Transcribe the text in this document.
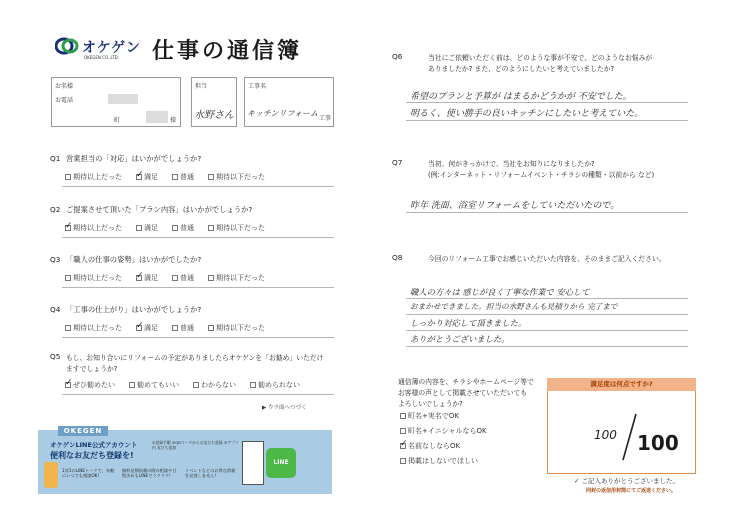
オケゲン
OKEGEN CO.,LTD. 仕事の通信簿
お名様
お電話
町	様
担当
水野さん
工事名
キッチンリフォーム
工事
Q1 営業担当の「対応」はいかがでしょうか?
期待以上だった ✓	満足	普通	期待以下だった
Q2 ご提案させて頂いた「プラン内容」はいかがでしょうか?
✓
期待以上だった	満足	普通	期待以下だった
Q3 「職人の仕事の姿勢」はいかがでしたか?
期待以上だった ✓	満足	普通	期待以下だった
Q4 「工事の仕上がり」はいかがでしょうか?
期待以上だった ✓	満足	普通	期待以下だった
Q5 もし、お知り合いにリフォームの予定がありましたらオケゲンを「お勧め」いただけ
ますでしょうか?
✓
ぜひ勧めたい	勧めてもいい	わからない	勧められない
▶ ウラ面へつづく
OKEGEN
オケゲンLINE公式アカウント
便利なお友だち登録を!
1対1のLINEトークで、気軽にいつでも相談OK!
無料見積依頼の際の相談や日程決めもLINEでラクラク!
イベントなどのお得な情報を見逃しません!
①登録手順 ②QRコードからお友だち登録 ③アプリ内 友だち追加
LINE
Q6	当社にご依頼いただく前は、どのような事が不安で、どのようなお悩みが
ありましたか? また、どのようにしたいと考えていましたか?
希望のプランと予算が はまるかどうかが 不安でした。
明るく、使い勝手の良いキッチンにしたいと考えていた。
Q7	当初、何がきっかけで、当社をお知りになりましたか?
(例:インターネット・リフォームイベント・チラシの種類・以前から など)
昨年 洗面、浴室リフォームをしていただいたので。
Q8	今回のリフォーム工事でお感じいただいた内容を、そのままご記入ください。
職人の方々は 感じが良く丁寧な作業で 安心して
おまかせできました。担当の水野さんも見積りから 完了まで
しっかり対応して頂きました。
ありがとうございました。
通信簿の内容を、チラシやホームページ等で
お客様の声として掲載させていただいても
よろしいでしょうか?
町名+実名でOK
町名+イニシャルならOK
✓
名前なしならOK
掲載はしないでほしい
満足度は何点ですか?
100 100
✓ ご記入ありがとうございました。
同封の返信用封筒にてご返送ください。
